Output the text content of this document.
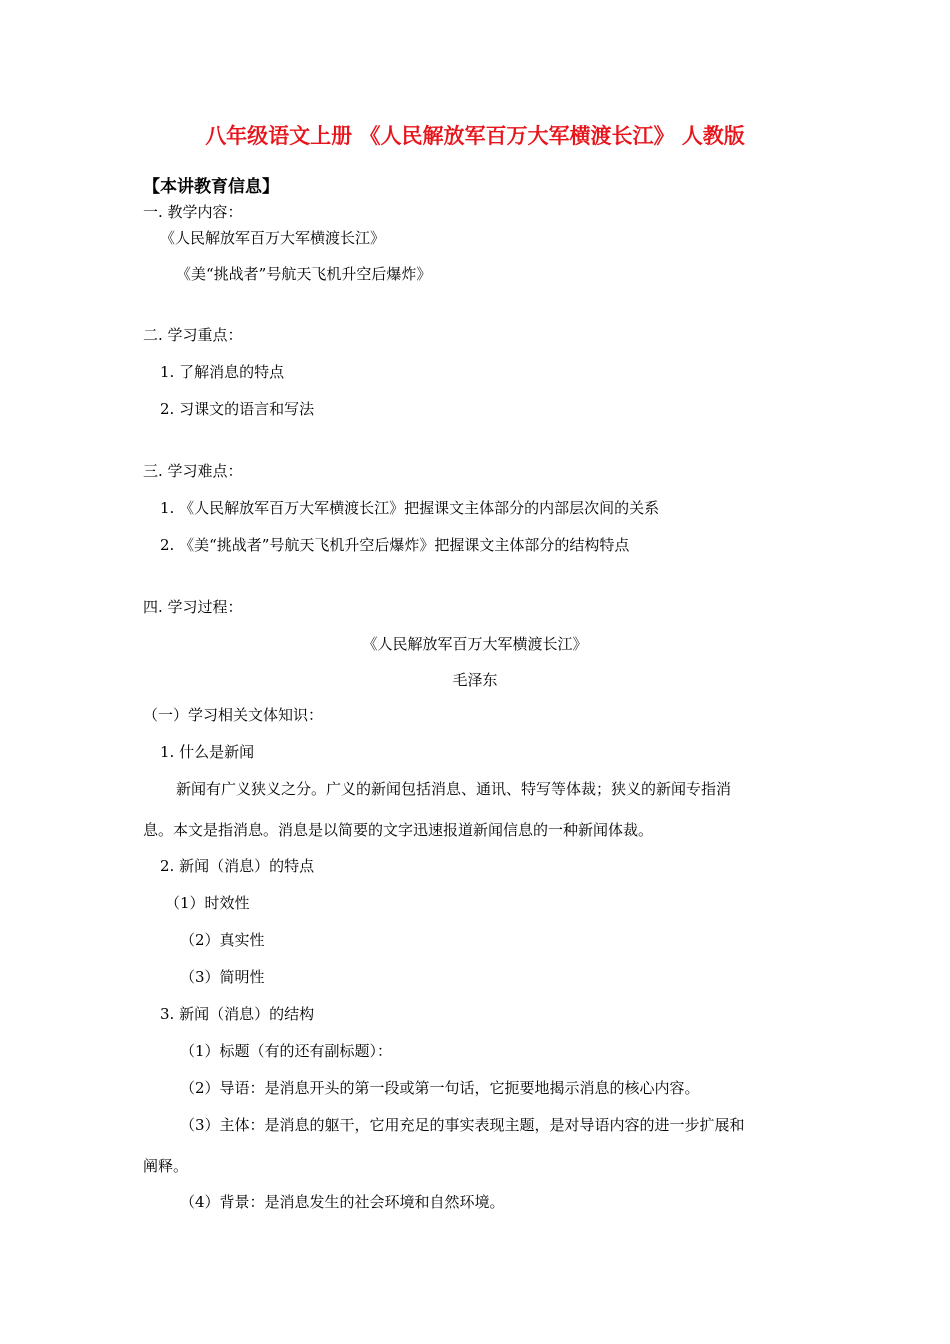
八年级语文上册 《人民解放军百万大军横渡长江》 人教版
【本讲教育信息】
一. 教学内容：
《人民解放军百万大军横渡长江》
《美“挑战者”号航天飞机升空后爆炸》
二. 学习重点：
1. 了解消息的特点
2. 习课文的语言和写法
三. 学习难点：
1. 《人民解放军百万大军横渡长江》把握课文主体部分的内部层次间的关系
2. 《美“挑战者”号航天飞机升空后爆炸》把握课文主体部分的结构特点
四. 学习过程：
《人民解放军百万大军横渡长江》
毛泽东
（一）学习相关文体知识：
1. 什么是新闻
新闻有广义狭义之分。广义的新闻包括消息、通讯、特写等体裁；狭义的新闻专指消
息。本文是指消息。消息是以简要的文字迅速报道新闻信息的一种新闻体裁。
2. 新闻（消息）的特点
（1）时效性
（2）真实性
（3）简明性
3. 新闻（消息）的结构
（1）标题（有的还有副标题）：
（2）导语：是消息开头的第一段或第一句话，它扼要地揭示消息的核心内容。
（3）主体：是消息的躯干，它用充足的事实表现主题，是对导语内容的进一步扩展和
阐释。
（4）背景：是消息发生的社会环境和自然环境。
